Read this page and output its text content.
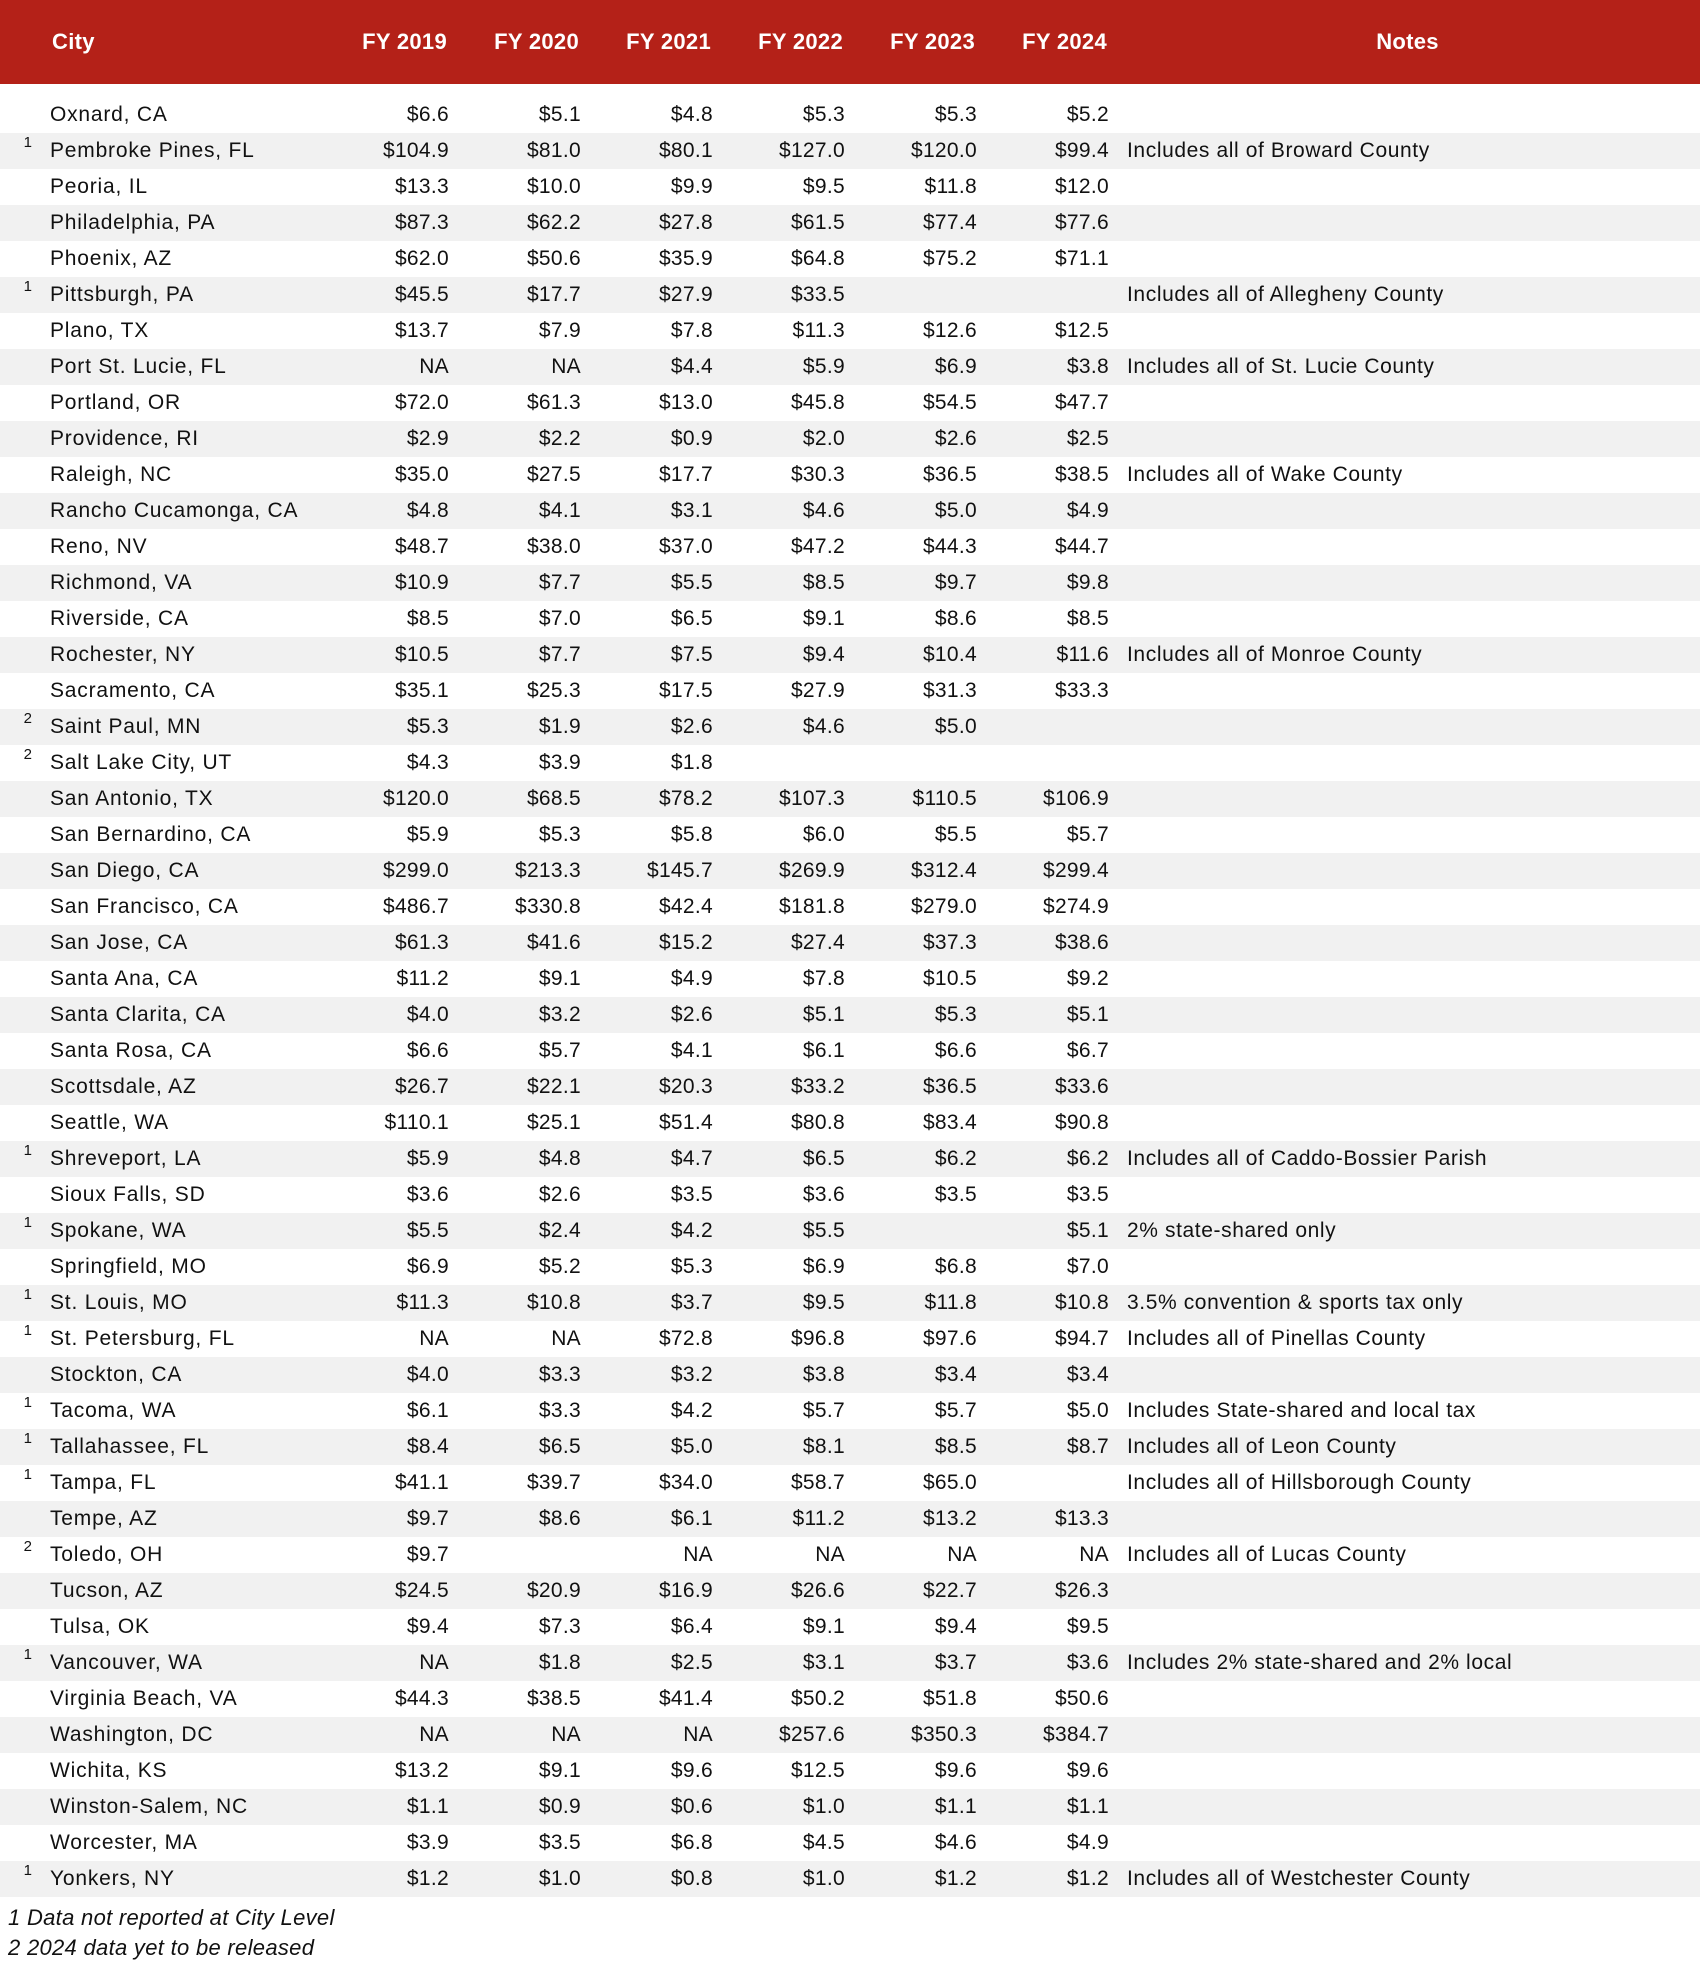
	City	FY 2019	FY 2020	FY 2021	FY 2022	FY 2023	FY 2024	Notes

	Oxnard, CA	$6.6	$5.1	$4.8	$5.3	$5.3	$5.2	
1	Pembroke Pines, FL	$104.9	$81.0	$80.1	$127.0	$120.0	$99.4	Includes all of Broward County
	Peoria, IL	$13.3	$10.0	$9.9	$9.5	$11.8	$12.0	
	Philadelphia, PA	$87.3	$62.2	$27.8	$61.5	$77.4	$77.6	
	Phoenix, AZ	$62.0	$50.6	$35.9	$64.8	$75.2	$71.1	
1	Pittsburgh, PA	$45.5	$17.7	$27.9	$33.5			Includes all of Allegheny County
	Plano, TX	$13.7	$7.9	$7.8	$11.3	$12.6	$12.5	
	Port St. Lucie, FL	NA	NA	$4.4	$5.9	$6.9	$3.8	Includes all of St. Lucie County
	Portland, OR	$72.0	$61.3	$13.0	$45.8	$54.5	$47.7	
	Providence, RI	$2.9	$2.2	$0.9	$2.0	$2.6	$2.5	
	Raleigh, NC	$35.0	$27.5	$17.7	$30.3	$36.5	$38.5	Includes all of Wake County
	Rancho Cucamonga, CA	$4.8	$4.1	$3.1	$4.6	$5.0	$4.9	
	Reno, NV	$48.7	$38.0	$37.0	$47.2	$44.3	$44.7	
	Richmond, VA	$10.9	$7.7	$5.5	$8.5	$9.7	$9.8	
	Riverside, CA	$8.5	$7.0	$6.5	$9.1	$8.6	$8.5	
	Rochester, NY	$10.5	$7.7	$7.5	$9.4	$10.4	$11.6	Includes all of Monroe County
	Sacramento, CA	$35.1	$25.3	$17.5	$27.9	$31.3	$33.3	
2	Saint Paul, MN	$5.3	$1.9	$2.6	$4.6	$5.0		
2	Salt Lake City, UT	$4.3	$3.9	$1.8				
	San Antonio, TX	$120.0	$68.5	$78.2	$107.3	$110.5	$106.9	
	San Bernardino, CA	$5.9	$5.3	$5.8	$6.0	$5.5	$5.7	
	San Diego, CA	$299.0	$213.3	$145.7	$269.9	$312.4	$299.4	
	San Francisco, CA	$486.7	$330.8	$42.4	$181.8	$279.0	$274.9	
	San Jose, CA	$61.3	$41.6	$15.2	$27.4	$37.3	$38.6	
	Santa Ana, CA	$11.2	$9.1	$4.9	$7.8	$10.5	$9.2	
	Santa Clarita, CA	$4.0	$3.2	$2.6	$5.1	$5.3	$5.1	
	Santa Rosa, CA	$6.6	$5.7	$4.1	$6.1	$6.6	$6.7	
	Scottsdale, AZ	$26.7	$22.1	$20.3	$33.2	$36.5	$33.6	
	Seattle, WA	$110.1	$25.1	$51.4	$80.8	$83.4	$90.8	
1	Shreveport, LA	$5.9	$4.8	$4.7	$6.5	$6.2	$6.2	Includes all of Caddo-Bossier Parish
	Sioux Falls, SD	$3.6	$2.6	$3.5	$3.6	$3.5	$3.5	
1	Spokane, WA	$5.5	$2.4	$4.2	$5.5		$5.1	2% state-shared only
	Springfield, MO	$6.9	$5.2	$5.3	$6.9	$6.8	$7.0	
1	St. Louis, MO	$11.3	$10.8	$3.7	$9.5	$11.8	$10.8	3.5% convention & sports tax only
1	St. Petersburg, FL	NA	NA	$72.8	$96.8	$97.6	$94.7	Includes all of Pinellas County
	Stockton, CA	$4.0	$3.3	$3.2	$3.8	$3.4	$3.4	
1	Tacoma, WA	$6.1	$3.3	$4.2	$5.7	$5.7	$5.0	Includes State-shared and local tax
1	Tallahassee, FL	$8.4	$6.5	$5.0	$8.1	$8.5	$8.7	Includes all of Leon County
1	Tampa, FL	$41.1	$39.7	$34.0	$58.7	$65.0		Includes all of Hillsborough County
	Tempe, AZ	$9.7	$8.6	$6.1	$11.2	$13.2	$13.3	
2	Toledo, OH	$9.7		NA	NA	NA	NA	Includes all of Lucas County
	Tucson, AZ	$24.5	$20.9	$16.9	$26.6	$22.7	$26.3	
	Tulsa, OK	$9.4	$7.3	$6.4	$9.1	$9.4	$9.5	
1	Vancouver, WA	NA	$1.8	$2.5	$3.1	$3.7	$3.6	Includes 2% state-shared and 2% local
	Virginia Beach, VA	$44.3	$38.5	$41.4	$50.2	$51.8	$50.6	
	Washington, DC	NA	NA	NA	$257.6	$350.3	$384.7	
	Wichita, KS	$13.2	$9.1	$9.6	$12.5	$9.6	$9.6	
	Winston-Salem, NC	$1.1	$0.9	$0.6	$1.0	$1.1	$1.1	
	Worcester, MA	$3.9	$3.5	$6.8	$4.5	$4.6	$4.9	
1	Yonkers, NY	$1.2	$1.0	$0.8	$1.0	$1.2	$1.2	Includes all of Westchester County
1 Data not reported at City Level
2 2024 data yet to be released
